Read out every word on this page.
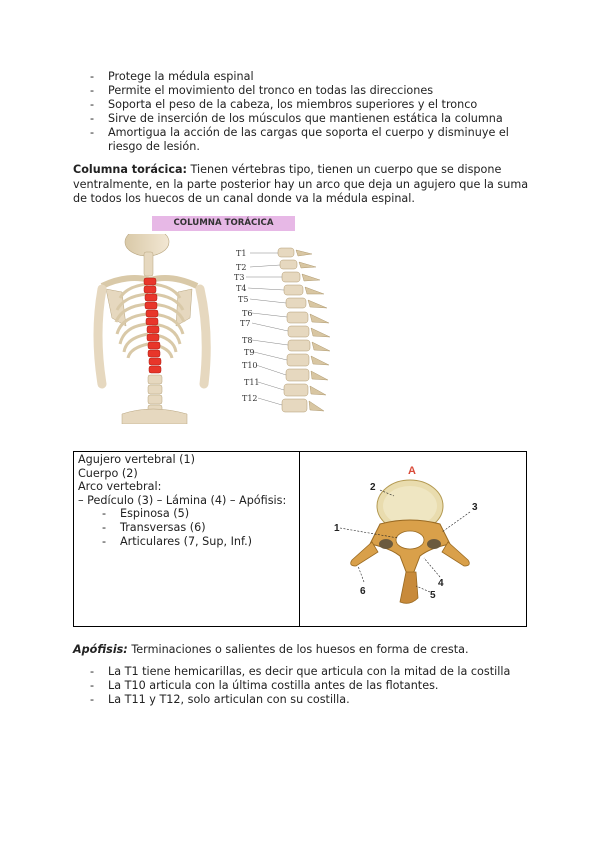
- Protege la médula espinal
- Permite el movimiento del tronco en todas las direcciones
- Soporta el peso de la cabeza, los miembros superiores y el tronco
- Sirve de inserción de los músculos que mantienen estática la columna
- Amortigua la acción de las cargas que soporta el cuerpo y disminuye el
riesgo de lesión.

Columna torácica: Tienen vértebras tipo, tienen un cuerpo que se dispone
ventralmente, en la parte posterior hay un arco que deja un agujero que la suma
de todos los huecos de un canal donde va la médula espinal.

COLUMNA TORÁCICA
T1
T2
T3
T4
T5
T6
T7
T8
T9
T10
T11
T12
Agujero vertebral (1)
Cuerpo (2)
Arco vertebral:
– Pedículo (3) – Lámina (4) – Apófisis:
- Espinosa (5)
- Transversas (6)
- Articulares (7, Sup, Inf.)

A
1
2
3
4
5
6
Apófisis: Terminaciones o salientes de los huesos en forma de cresta.
- La T1 tiene hemicarillas, es decir que articula con la mitad de la costilla
- La T10 articula con la última costilla antes de las flotantes.
- La T11 y T12, solo articulan con su costilla.
